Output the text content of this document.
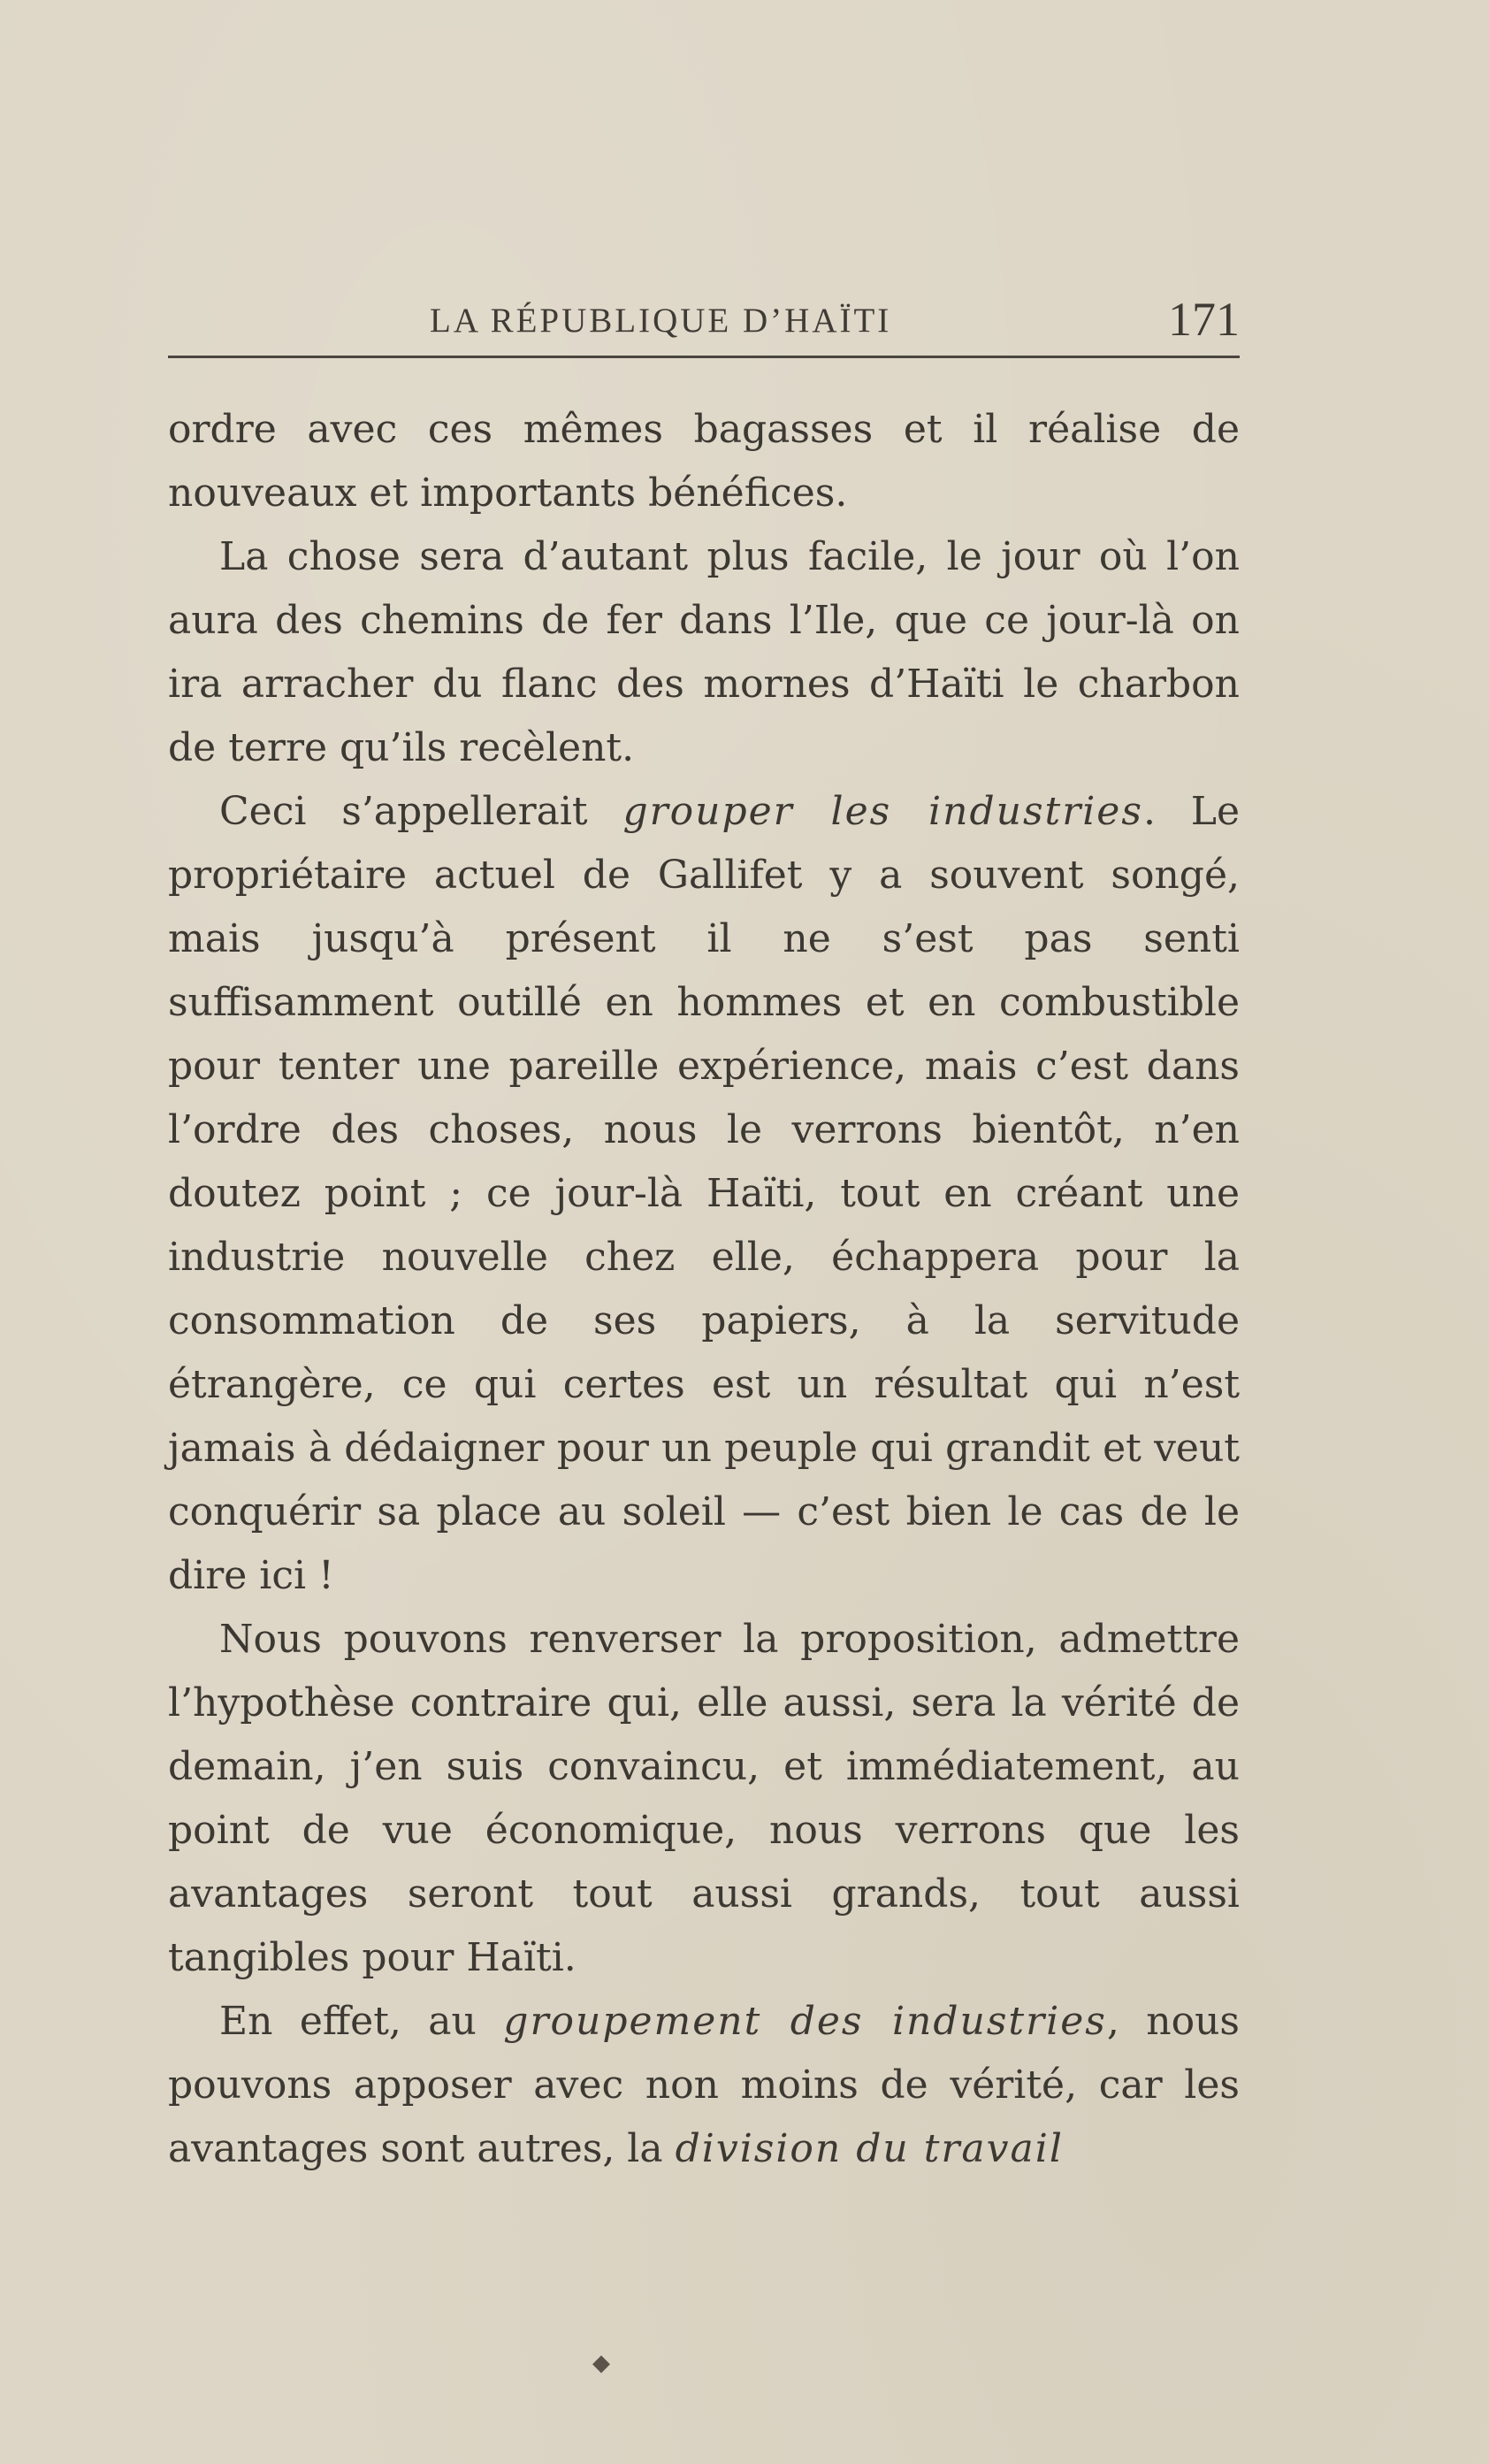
LA RÉPUBLIQUE D’HAÏTI	171

ordre avec ces mêmes bagasses et il réalise de nouveaux et importants bénéfices.

La chose sera d’autant plus facile, le jour où l’on aura des chemins de fer dans l’Ile, que ce jour-là on ira arracher du flanc des mornes d’Haïti le charbon de terre qu’ils recèlent.

Ceci s’appellerait grouper les industries. Le propriétaire actuel de Gallifet y a souvent songé, mais jusqu’à présent il ne s’est pas senti suffisamment outillé en hommes et en combustible pour tenter une pareille expérience, mais c’est dans l’ordre des choses, nous le verrons bientôt, n’en doutez point ; ce jour-là Haïti, tout en créant une industrie nouvelle chez elle, échappera pour la consommation de ses papiers, à la servitude étrangère, ce qui certes est un résultat qui n’est jamais à dédaigner pour un peuple qui grandit et veut conquérir sa place au soleil — c’est bien le cas de le dire ici !

Nous pouvons renverser la proposition, admettre l’hypothèse contraire qui, elle aussi, sera la vérité de demain, j’en suis convaincu, et immédiatement, au point de vue économique, nous verrons que les avantages seront tout aussi grands, tout aussi tangibles pour Haïti.

En effet, au groupement des industries, nous pouvons apposer avec non moins de vérité, car les avantages sont autres, la division du travail

◆
